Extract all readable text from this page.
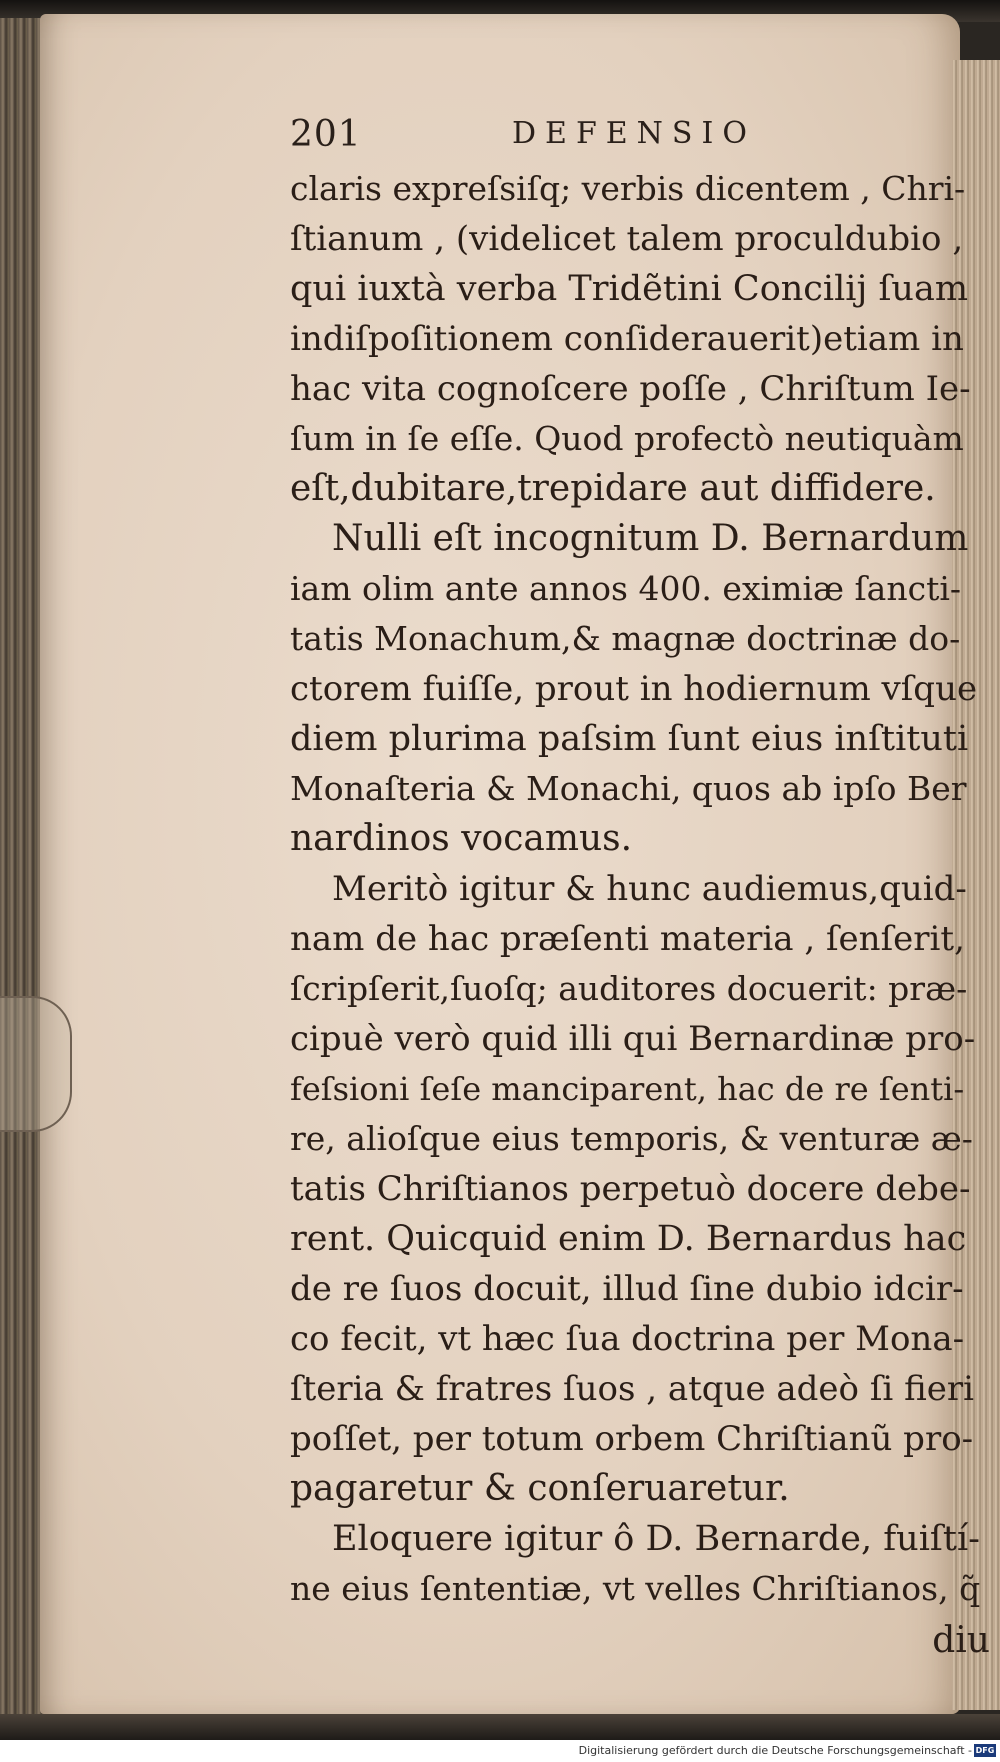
201	DEFENSIO
claris expreſsiſq; verbis dicentem , Chri-
ſtianum , (videlicet talem proculdubio ,
qui iuxtà verba Tridẽtini Concilij ſuam
indiſpoſitionem conſiderauerit)etiam in
hac vita cognoſcere poſſe , Chriſtum Ie-
ſum in ſe eſſe. Quod profectò neutiquàm
eſt,dubitare,trepidare aut diffidere.
Nulli eſt incognitum D. Bernardum
iam olim ante annos 400. eximiæ ſancti-
tatis Monachum,& magnæ doctrinæ do-
ctorem fuiſſe, prout in hodiernum vſque
diem plurima paſsim ſunt eius inſtituti
Monaſteria & Monachi, quos ab ipſo Ber
nardinos vocamus.
Meritò igitur & hunc audiemus,quid-
nam de hac præſenti materia , ſenſerit,
ſcripſerit,ſuoſq; auditores docuerit: præ-
cipuè verò quid illi qui Bernardinæ pro-
feſsioni ſeſe manciparent, hac de re ſenti-
re, alioſque eius temporis, & venturæ æ-
tatis Chriſtianos perpetuò docere debe-
rent. Quicquid enim D. Bernardus hac
de re ſuos docuit, illud ſine dubio idcir-
co fecit, vt hæc ſua doctrina per Mona-
ſteria & fratres ſuos , atque adeò ſi fieri
poſſet, per totum orbem Chriſtianũ pro-
pagaretur & conſeruaretur.
Eloquere igitur ô D. Bernarde, fuiſtí-
ne eius ſententiæ, vt velles Chriſtianos, q̃
diu
Digitalisierung gefördert durch die Deutsche Forschungsgemeinschaft - DFG
